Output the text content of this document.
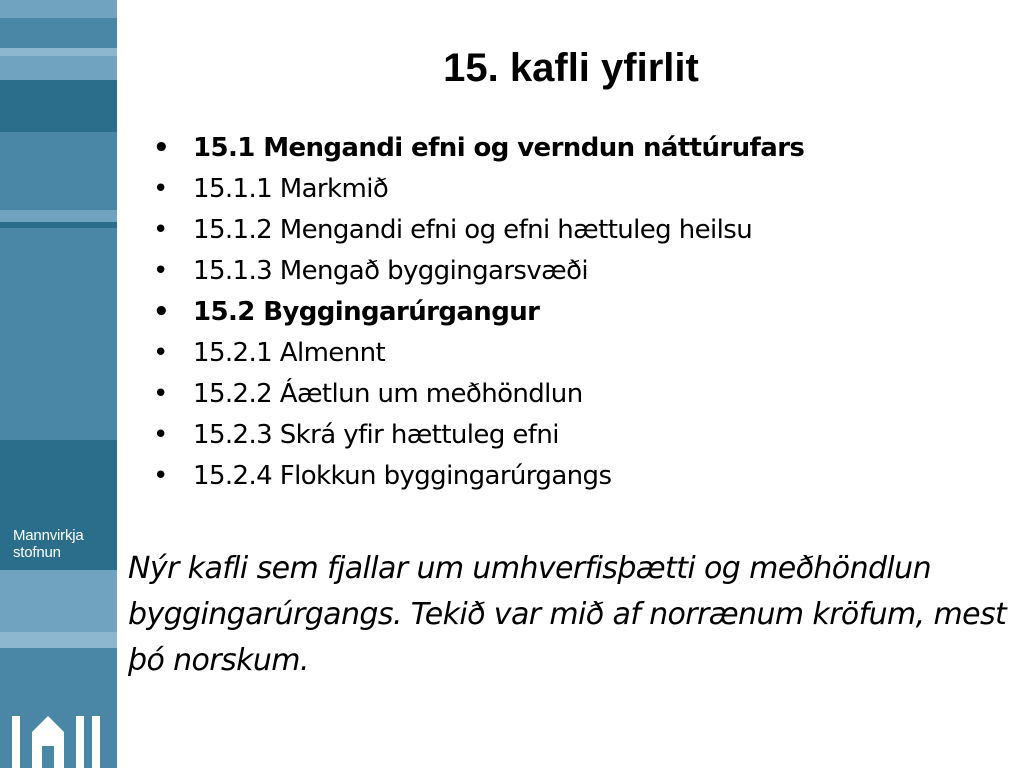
Mannvirkja
stofnun
15. kafli yfirlit
• 15.1 Mengandi efni og verndun náttúrufars
• 15.1.1 Markmið
• 15.1.2 Mengandi efni og efni hættuleg heilsu
• 15.1.3 Mengað byggingarsvæði
• 15.2 Byggingarúrgangur
• 15.2.1 Almennt
• 15.2.2 Áætlun um meðhöndlun
• 15.2.3 Skrá yfir hættuleg efni
• 15.2.4 Flokkun byggingarúrgangs

Nýr kafli sem fjallar um umhverfisþætti og meðhöndlun byggingarúrgangs. Tekið var mið af norrænum kröfum, mest þó norskum.
